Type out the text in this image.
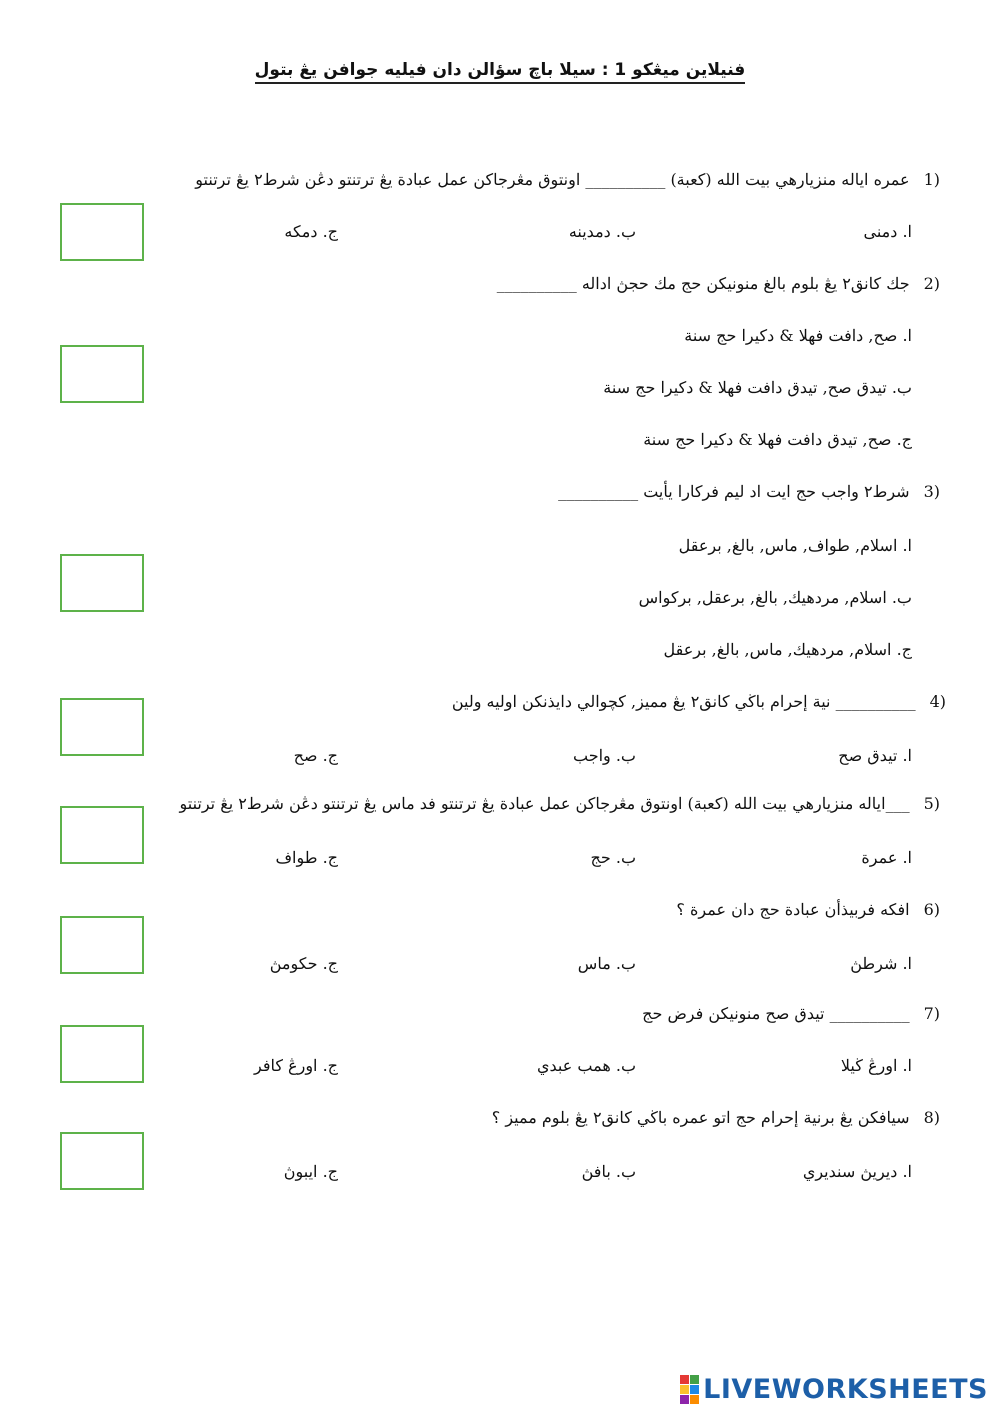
فنيلاين ميڠكو 1 : سيلا باچ سؤالن دان فيليه جوافن يڠ بتول
1)عمره اياله منزيارهي بيت الله (كعبة) __________ اونتوق مڠرجاكن عمل عبادة يڠ ترتنتو دڠن شرط٢ يڠ ترتنتو
ا. دمنى
ب. دمدينه
ج. دمكه
2)جك كانق٢ يڠ بلوم بالغ منونيكن حج مك حجڽ اداله __________
ا. صح, دافت فهلا & دكيرا حج سنة
ب. تيدق صح, تيدق دافت فهلا & دكيرا حج سنة
ج. صح, تيدق دافت فهلا & دكيرا حج سنة
3)شرط٢ واجب حج ايت اد ليم فركارا يأيت __________
ا. اسلام, طواف, ماس, بالغ, برعقل
ب. اسلام, مردهيك, بالغ, برعقل, برکواس
ج. اسلام, مردهيك, ماس, بالغ, برعقل
4)__________ نية إحرام باڬي كانق٢ يڠ مميز, كچوالي دايذنكن اوليه ولين
ا. تيدق صح
ب. واجب
ج. صح
5)___اياله منزيارهي بيت الله (كعبة) اونتوق مڠرجاكن عمل عبادة يڠ ترتنتو فد ماس يڠ ترتنتو دڠن شرط٢ يڠ ترتنتو
ا. عمرة
ب. حج
ج. طواف
6)افكه فربيذأن عبادة حج دان عمرة ؟
ا. شرطڽ
ب. ماس
ج. حكومڽ
7)__________ تيدق صح منونيكن فرض حج
ا. اورڠ ڬيلا
ب. همب عبدي
ج. اورڠ كافر
8)سيافكن يڠ برنية إحرام حج اتو عمره باڬي كانق٢ يڠ بلوم مميز ؟
ا. ديريڽ سنديري
ب. بافڽ
ج. ايبوڽ
LIVEWORKSHEETS
